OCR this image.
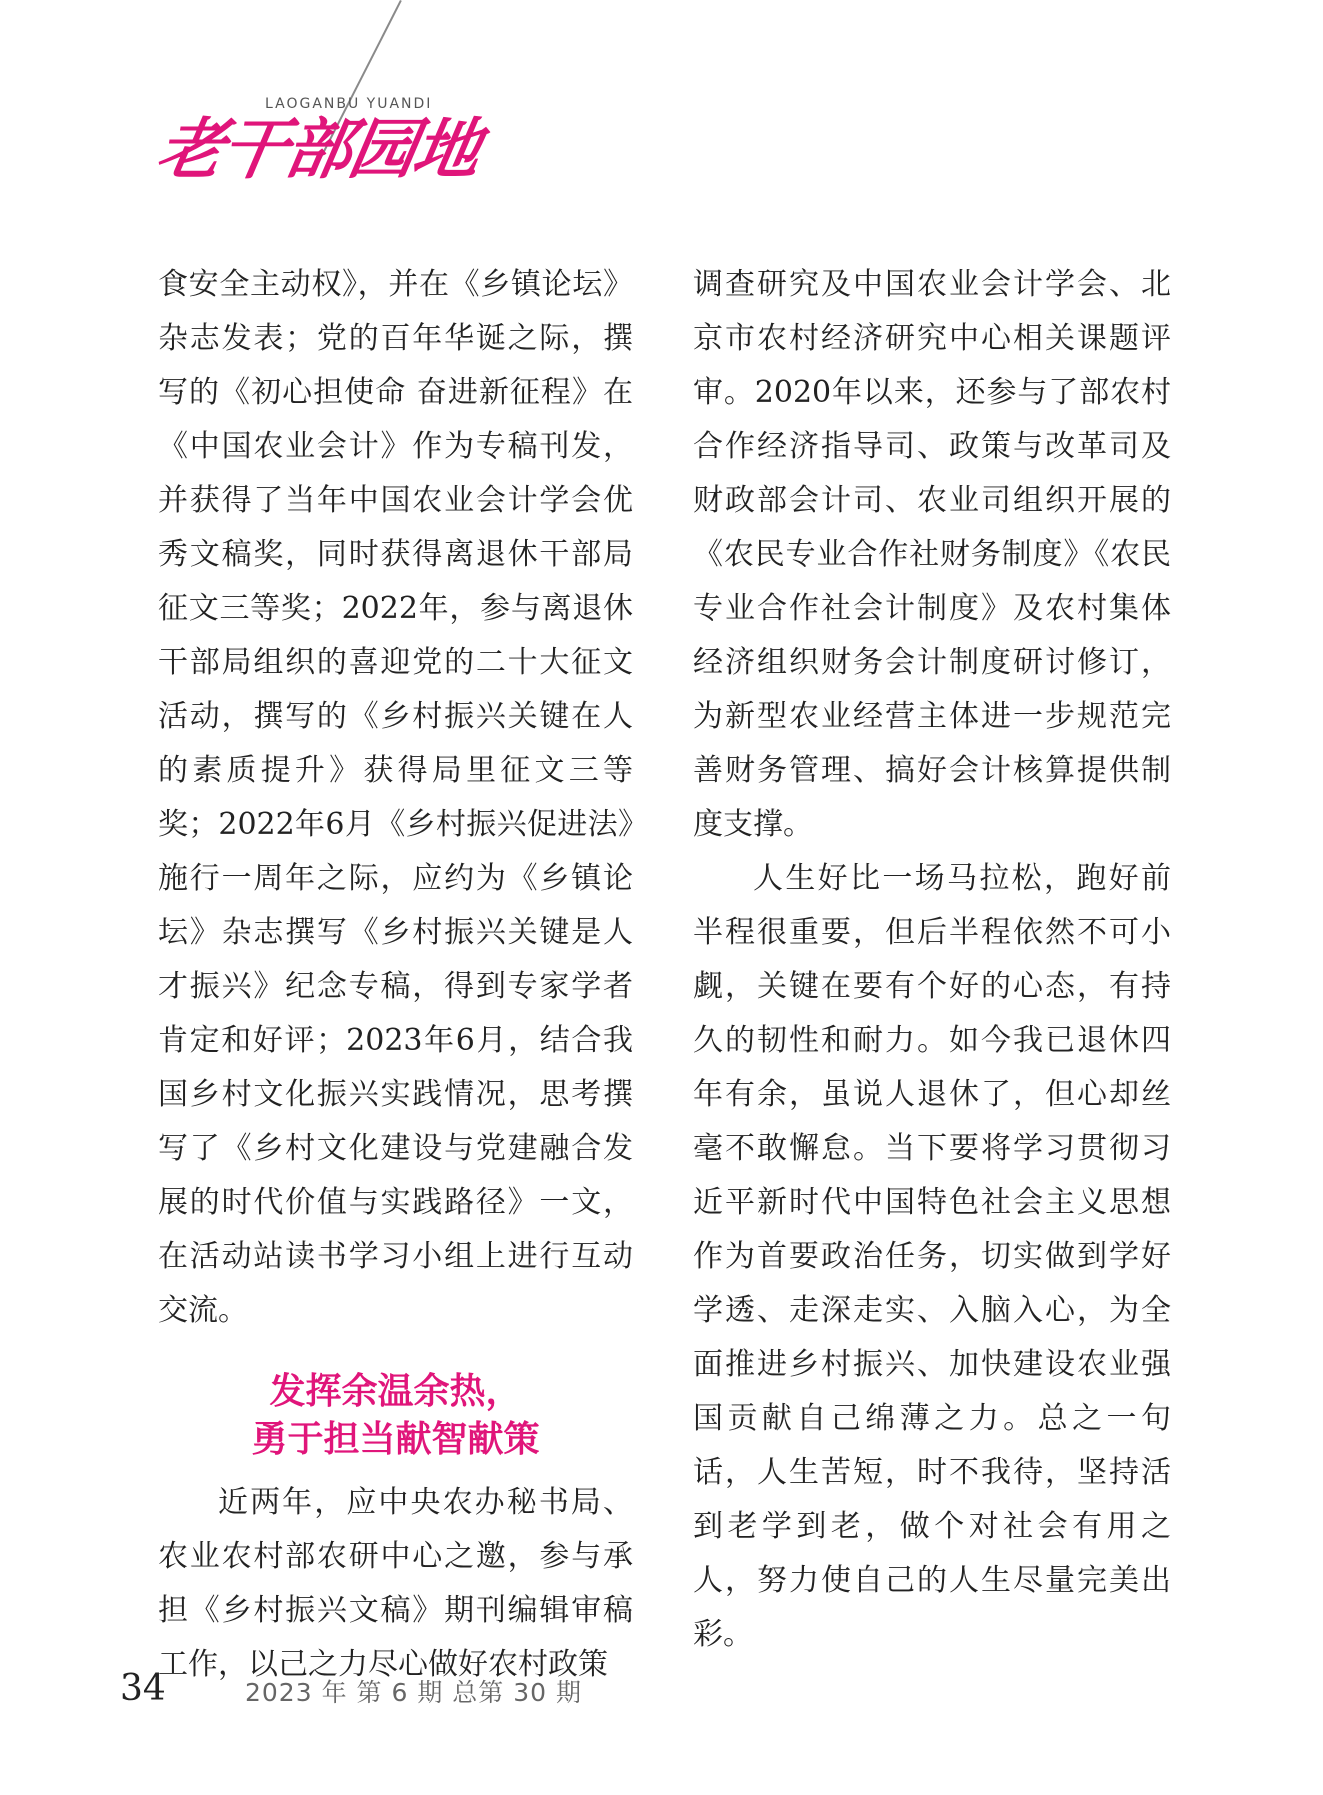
LAOGANBU YUANDI
老干部园地

食安全主动权》，并在《乡镇论坛》杂志发表；党的百年华诞之际，撰写的《初心担使命 奋进新征程》在《中国农业会计》作为专稿刊发，并获得了当年中国农业会计学会优秀文稿奖，同时获得离退休干部局征文三等奖；2022年，参与离退休干部局组织的喜迎党的二十大征文活动，撰写的《乡村振兴关键在人的素质提升》获得局里征文三等奖；2022年6月《乡村振兴促进法》施行一周年之际，应约为《乡镇论坛》杂志撰写《乡村振兴关键是人才振兴》纪念专稿，得到专家学者肯定和好评；2023年6月，结合我国乡村文化振兴实践情况，思考撰写了《乡村文化建设与党建融合发展的时代价值与实践路径》一文，在活动站读书学习小组上进行互动交流。

发挥余温余热，
勇于担当献智献策

近两年，应中央农办秘书局、农业农村部农研中心之邀，参与承担《乡村振兴文稿》期刊编辑审稿工作，以己之力尽心做好农村政策

调查研究及中国农业会计学会、北京市农村经济研究中心相关课题评审。2020年以来，还参与了部农村合作经济指导司、政策与改革司及财政部会计司、农业司组织开展的《农民专业合作社财务制度》《农民专业合作社会计制度》及农村集体经济组织财务会计制度研讨修订，为新型农业经营主体进一步规范完善财务管理、搞好会计核算提供制度支撑。

人生好比一场马拉松，跑好前半程很重要，但后半程依然不可小觑，关键在要有个好的心态，有持久的韧性和耐力。如今我已退休四年有余，虽说人退休了，但心却丝毫不敢懈怠。当下要将学习贯彻习近平新时代中国特色社会主义思想作为首要政治任务，切实做到学好学透、走深走实、入脑入心，为全面推进乡村振兴、加快建设农业强国贡献自己绵薄之力。总之一句话，人生苦短，时不我待，坚持活到老学到老，做个对社会有用之人，努力使自己的人生尽量完美出彩。

34	2023 年 第 6 期 总第 30 期
